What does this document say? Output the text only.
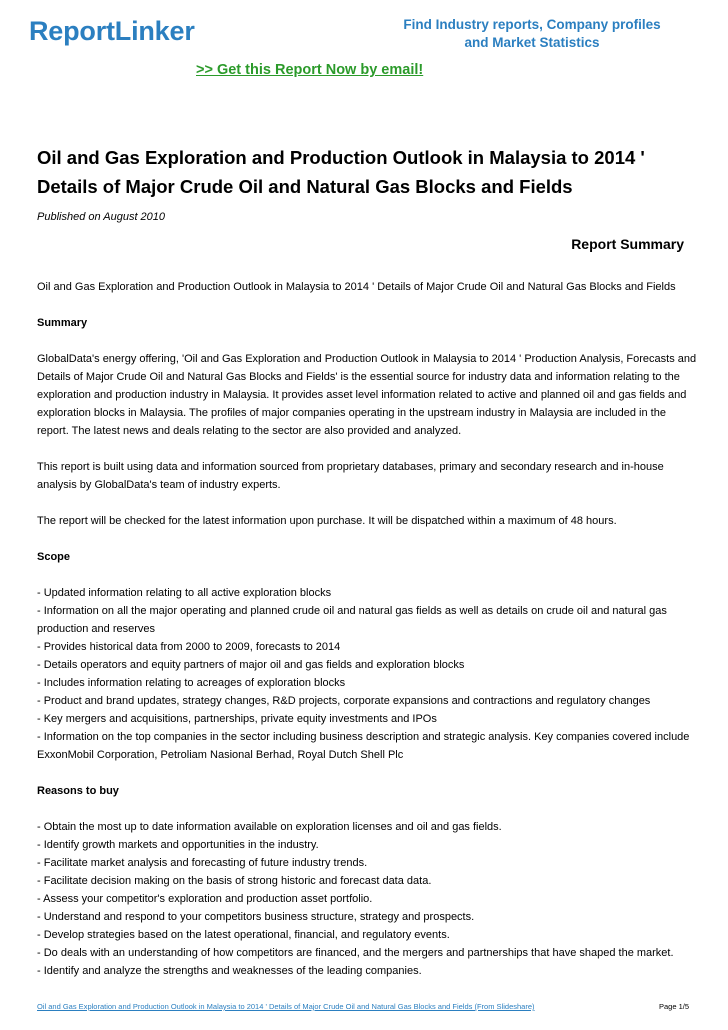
ReportLinker	Find Industry reports, Company profiles
and Market Statistics
>> Get this Report Now by email!
Oil and Gas Exploration and Production Outlook in Malaysia to 2014 ' Details of Major Crude Oil and Natural Gas Blocks and Fields
Published on August 2010
Report Summary

Oil and Gas Exploration and Production Outlook in Malaysia to 2014 ' Details of Major Crude Oil and Natural Gas Blocks and Fields

Summary

GlobalData's energy offering, 'Oil and Gas Exploration and Production Outlook in Malaysia to 2014 ' Production Analysis, Forecasts and Details of Major Crude Oil and Natural Gas Blocks and Fields' is the essential source for industry data and information relating to the exploration and production industry in Malaysia. It provides asset level information related to active and planned oil and gas fields and exploration blocks in Malaysia. The profiles of major companies operating in the upstream industry in Malaysia are included in the report. The latest news and deals relating to the sector are also provided and analyzed.

This report is built using data and information sourced from proprietary databases, primary and secondary research and in-house analysis by GlobalData's team of industry experts.

The report will be checked for the latest information upon purchase. It will be dispatched within a maximum of 48 hours.

Scope

- Updated information relating to all active exploration blocks
- Information on all the major operating and planned crude oil and natural gas fields as well as details on crude oil and natural gas production and reserves
- Provides historical data from 2000 to 2009, forecasts to 2014
- Details operators and equity partners of major oil and gas fields and exploration blocks
- Includes information relating to acreages of exploration blocks
- Product and brand updates, strategy changes, R&D projects, corporate expansions and contractions and regulatory changes
- Key mergers and acquisitions, partnerships, private equity investments and IPOs
- Information on the top companies in the sector including business description and strategic analysis. Key companies covered include ExxonMobil Corporation, Petroliam Nasional Berhad, Royal Dutch Shell Plc

Reasons to buy

- Obtain the most up to date information available on exploration licenses and oil and gas fields.
- Identify growth markets and opportunities in the industry.
- Facilitate market analysis and forecasting of future industry trends.
- Facilitate decision making on the basis of strong historic and forecast data data.
- Assess your competitor's exploration and production asset portfolio.
- Understand and respond to your competitors business structure, strategy and prospects.
- Develop strategies based on the latest operational, financial, and regulatory events.
- Do deals with an understanding of how competitors are financed, and the mergers and partnerships that have shaped the market.
- Identify and analyze the strengths and weaknesses of the leading companies.
Oil and Gas Exploration and Production Outlook in Malaysia to 2014 ' Details of Major Crude Oil and Natural Gas Blocks and Fields (From Slideshare)	Page 1/5
